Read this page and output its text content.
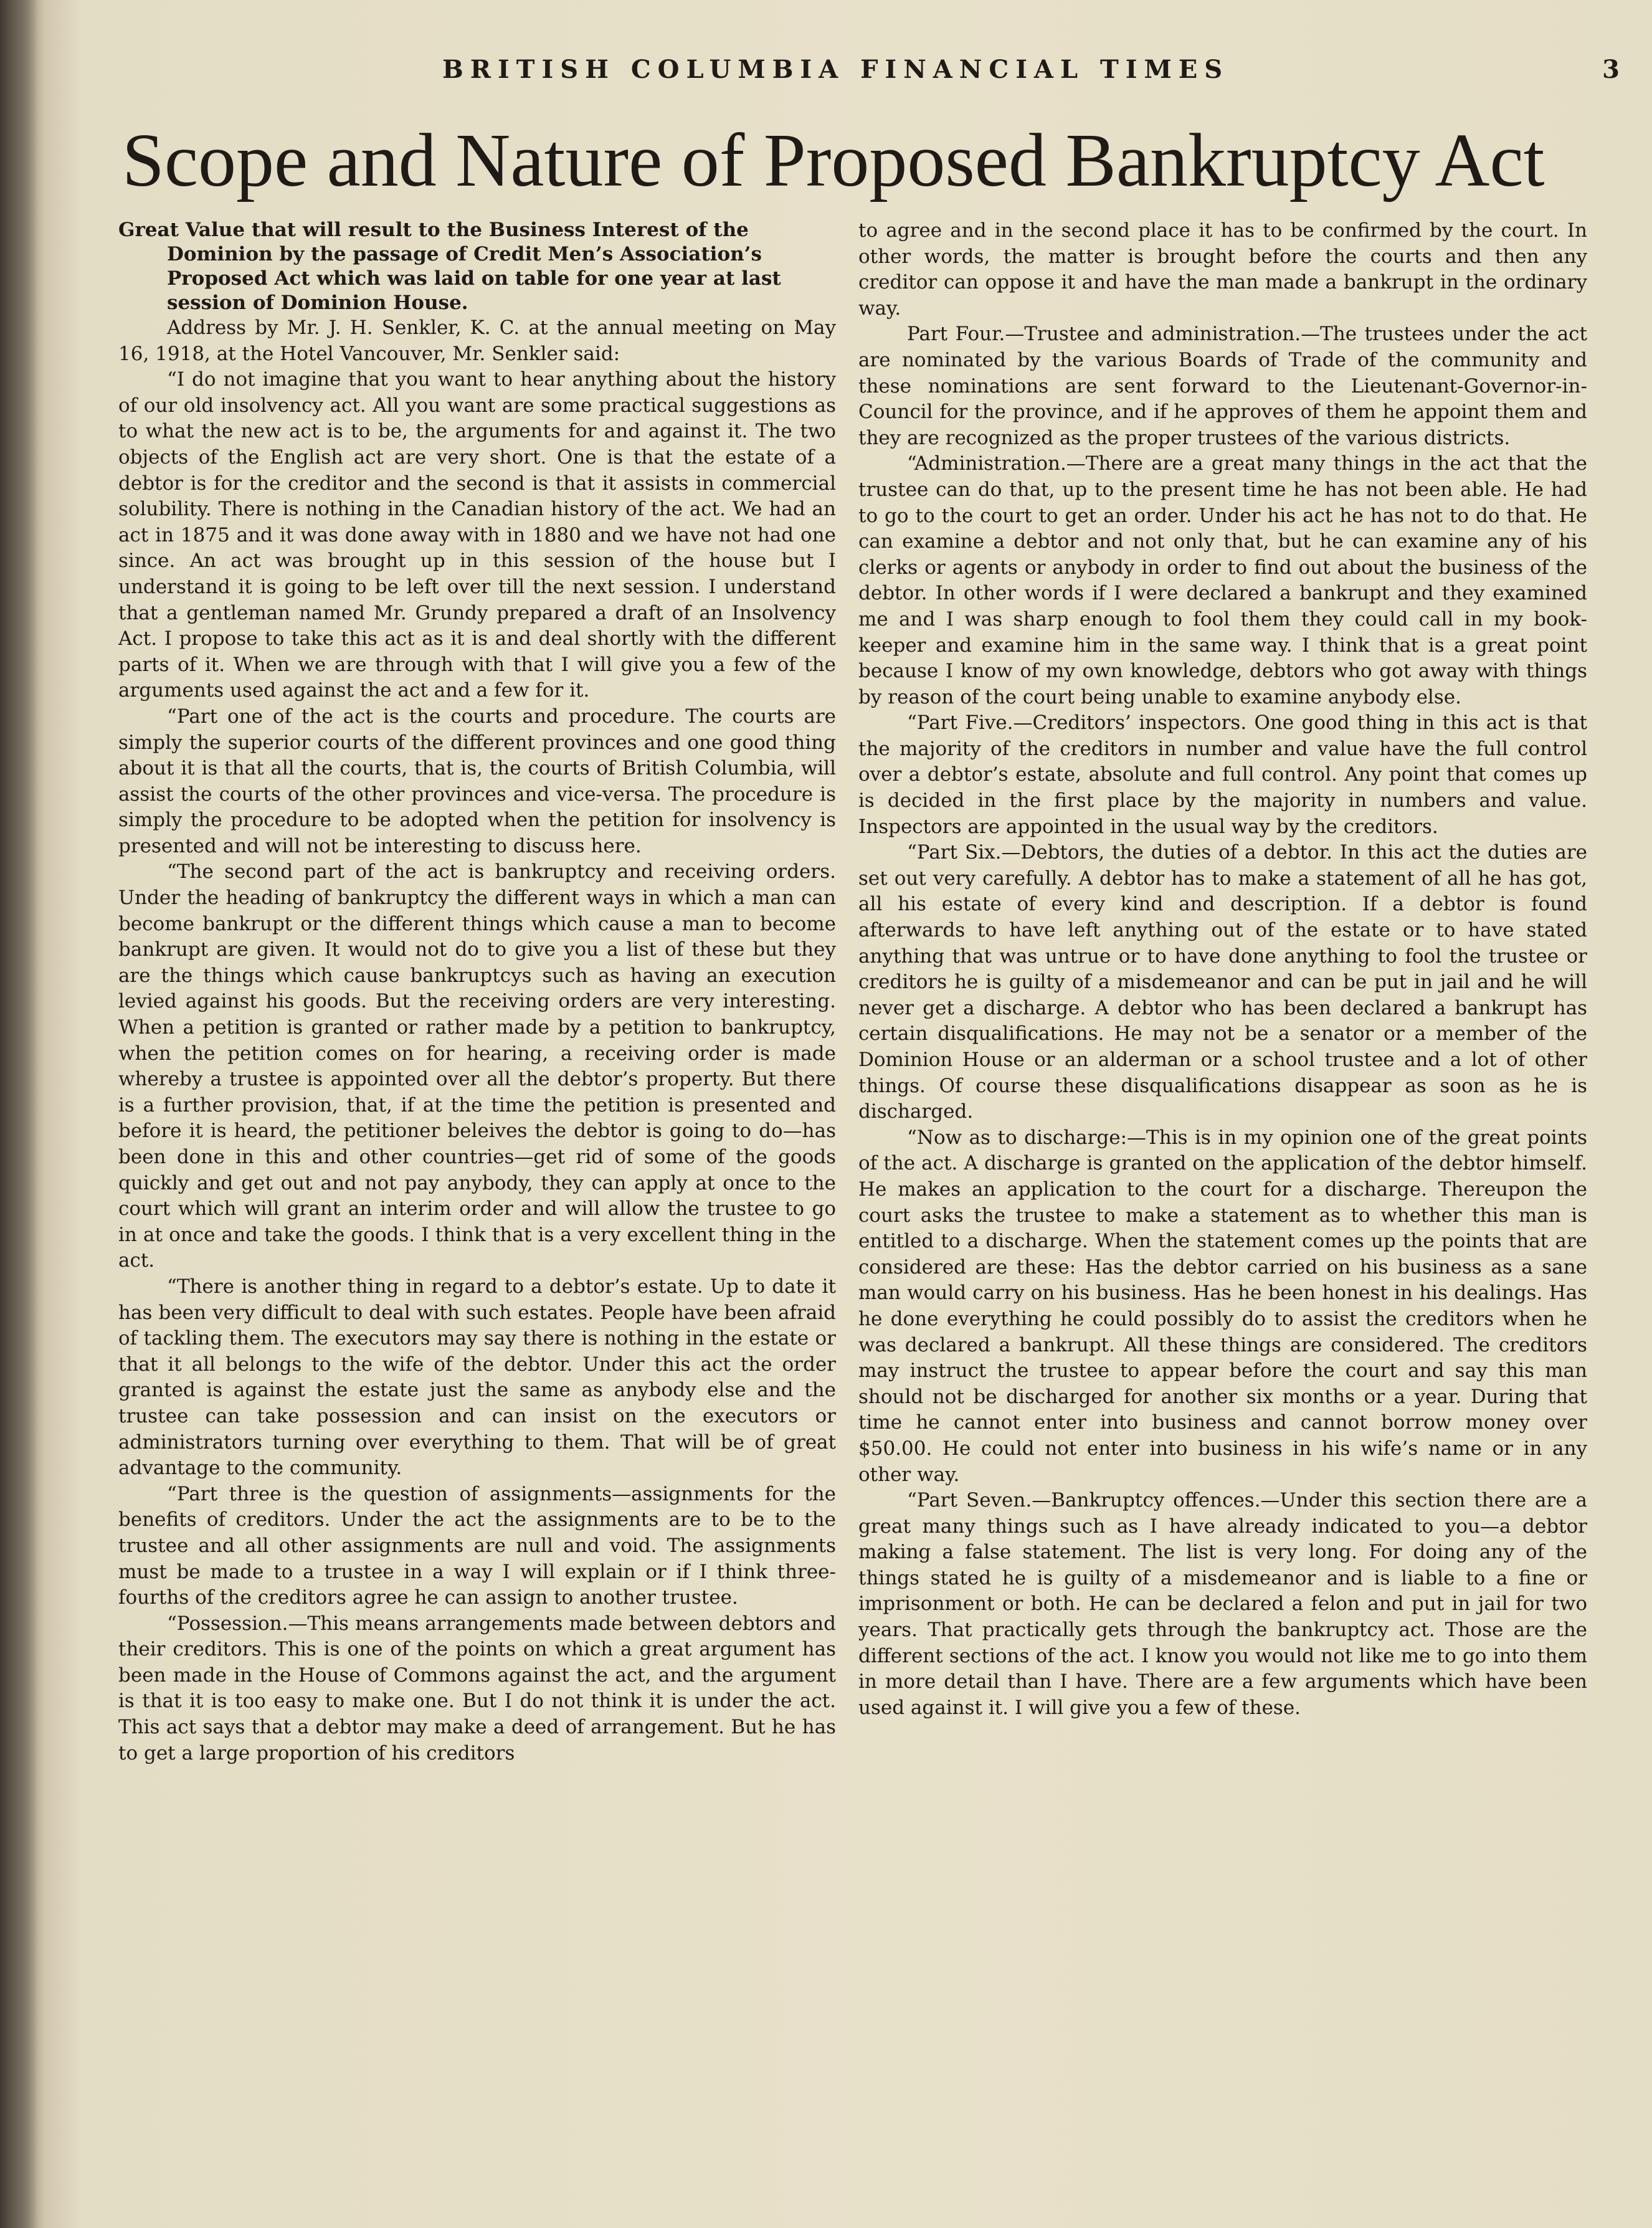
BRITISH COLUMBIA FINANCIAL TIMES	3
Scope and Nature of Proposed Bankruptcy Act

Great Value that will result to the Business Interest of the Dominion by the passage of Credit Men’s Association’s Proposed Act which was laid on table for one year at last session of Dominion House.

Address by Mr. J. H. Senkler, K. C. at the annual meeting on May 16, 1918, at the Hotel Vancouver, Mr. Senkler said:

“I do not imagine that you want to hear anything about the history of our old insolvency act. All you want are some practical suggestions as to what the new act is to be, the arguments for and against it. The two objects of the English act are very short. One is that the estate of a debtor is for the creditor and the second is that it assists in commercial solubility. There is nothing in the Canadian history of the act. We had an act in 1875 and it was done away with in 1880 and we have not had one since. An act was brought up in this session of the house but I understand it is going to be left over till the next session. I understand that a gentleman named Mr. Grundy prepared a draft of an Insolvency Act. I propose to take this act as it is and deal shortly with the different parts of it. When we are through with that I will give you a few of the arguments used against the act and a few for it.

“Part one of the act is the courts and procedure. The courts are simply the superior courts of the different provinces and one good thing about it is that all the courts, that is, the courts of British Columbia, will assist the courts of the other provinces and vice-versa. The procedure is simply the procedure to be adopted when the petition for insolvency is presented and will not be interesting to discuss here.

“The second part of the act is bankruptcy and receiving orders. Under the heading of bankruptcy the different ways in which a man can become bankrupt or the different things which cause a man to become bankrupt are given. It would not do to give you a list of these but they are the things which cause bankruptcys such as having an execution levied against his goods. But the receiving orders are very interesting. When a petition is granted or rather made by a petition to bankruptcy, when the petition comes on for hearing, a receiving order is made whereby a trustee is appointed over all the debtor’s property. But there is a further provision, that, if at the time the petition is presented and before it is heard, the petitioner beleives the debtor is going to do—has been done in this and other countries—get rid of some of the goods quickly and get out and not pay anybody, they can apply at once to the court which will grant an interim order and will allow the trustee to go in at once and take the goods. I think that is a very excellent thing in the act.

“There is another thing in regard to a debtor’s estate. Up to date it has been very difficult to deal with such estates. People have been afraid of tackling them. The executors may say there is nothing in the estate or that it all belongs to the wife of the debtor. Under this act the order granted is against the estate just the same as anybody else and the trustee can take possession and can insist on the executors or administrators turning over everything to them. That will be of great advantage to the community.

“Part three is the question of assignments—assignments for the benefits of creditors. Under the act the assignments are to be to the trustee and all other assignments are null and void. The assignments must be made to a trustee in a way I will explain or if I think three-fourths of the creditors agree he can assign to another trustee.

“Possession.—This means arrangements made between debtors and their creditors. This is one of the points on which a great argument has been made in the House of Commons against the act, and the argument is that it is too easy to make one. But I do not think it is under the act. This act says that a debtor may make a deed of arrangement. But he has to get a large proportion of his creditors

to agree and in the second place it has to be confirmed by the court. In other words, the matter is brought before the courts and then any creditor can oppose it and have the man made a bankrupt in the ordinary way.

Part Four.—Trustee and administration.—The trustees under the act are nominated by the various Boards of Trade of the community and these nominations are sent forward to the Lieutenant-Governor-in-Council for the province, and if he approves of them he appoint them and they are recognized as the proper trustees of the various districts.

“Administration.—There are a great many things in the act that the trustee can do that, up to the present time he has not been able. He had to go to the court to get an order. Under his act he has not to do that. He can examine a debtor and not only that, but he can examine any of his clerks or agents or anybody in order to find out about the business of the debtor. In other words if I were declared a bankrupt and they examined me and I was sharp enough to fool them they could call in my book-keeper and examine him in the same way. I think that is a great point because I know of my own knowledge, debtors who got away with things by reason of the court being unable to examine anybody else.

“Part Five.—Creditors’ inspectors. One good thing in this act is that the majority of the creditors in number and value have the full control over a debtor’s estate, absolute and full control. Any point that comes up is decided in the first place by the majority in numbers and value. Inspectors are appointed in the usual way by the creditors.

“Part Six.—Debtors, the duties of a debtor. In this act the duties are set out very carefully. A debtor has to make a statement of all he has got, all his estate of every kind and description. If a debtor is found afterwards to have left anything out of the estate or to have stated anything that was untrue or to have done anything to fool the trustee or creditors he is guilty of a misdemeanor and can be put in jail and he will never get a discharge. A debtor who has been declared a bankrupt has certain disqualifications. He may not be a senator or a member of the Dominion House or an alderman or a school trustee and a lot of other things. Of course these disqualifications disappear as soon as he is discharged.

“Now as to discharge:—This is in my opinion one of the great points of the act. A discharge is granted on the application of the debtor himself. He makes an application to the court for a discharge. Thereupon the court asks the trustee to make a statement as to whether this man is entitled to a discharge. When the statement comes up the points that are considered are these: Has the debtor carried on his business as a sane man would carry on his business. Has he been honest in his dealings. Has he done everything he could possibly do to assist the creditors when he was declared a bankrupt. All these things are considered. The creditors may instruct the trustee to appear before the court and say this man should not be discharged for another six months or a year. During that time he cannot enter into business and cannot borrow money over $50.00. He could not enter into business in his wife’s name or in any other way.

“Part Seven.—Bankruptcy offences.—Under this section there are a great many things such as I have already indicated to you—a debtor making a false statement. The list is very long. For doing any of the things stated he is guilty of a misdemeanor and is liable to a fine or imprisonment or both. He can be declared a felon and put in jail for two years. That practically gets through the bankruptcy act. Those are the different sections of the act. I know you would not like me to go into them in more detail than I have. There are a few arguments which have been used against it. I will give you a few of these.
